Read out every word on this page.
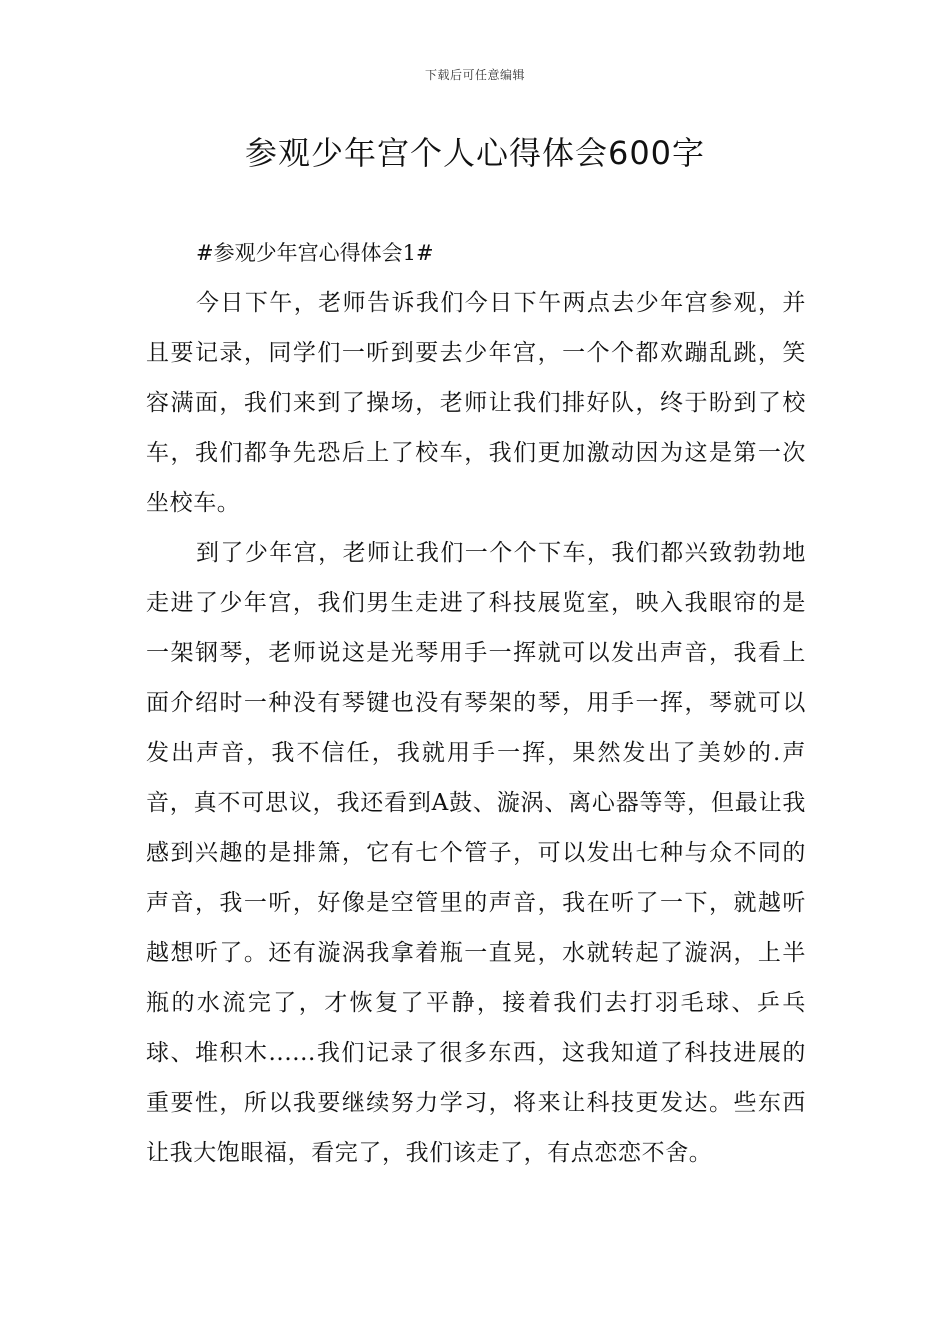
下载后可任意编辑
参观少年宫个人心得体会600字

#参观少年宫心得体会1#

今日下午，老师告诉我们今日下午两点去少年宫参观，并且要记录，同学们一听到要去少年宫，一个个都欢蹦乱跳，笑容满面，我们来到了操场，老师让我们排好队，终于盼到了校车，我们都争先恐后上了校车，我们更加激动因为这是第一次坐校车。

到了少年宫，老师让我们一个个下车，我们都兴致勃勃地走进了少年宫，我们男生走进了科技展览室，映入我眼帘的是一架钢琴，老师说这是光琴用手一挥就可以发出声音，我看上面介绍时一种没有琴键也没有琴架的琴，用手一挥，琴就可以发出声音，我不信任，我就用手一挥，果然发出了美妙的.声音，真不可思议，我还看到A鼓、漩涡、离心器等等，但最让我感到兴趣的是排箫，它有七个管子，可以发出七种与众不同的声音，我一听，好像是空管里的声音，我在听了一下，就越听越想听了。还有漩涡我拿着瓶一直晃，水就转起了漩涡，上半瓶的水流完了，才恢复了平静，接着我们去打羽毛球、乒乓球、堆积木......我们记录了很多东西，这我知道了科技进展的重要性，所以我要继续努力学习，将来让科技更发达。些东西让我大饱眼福，看完了，我们该走了，有点恋恋不舍。
